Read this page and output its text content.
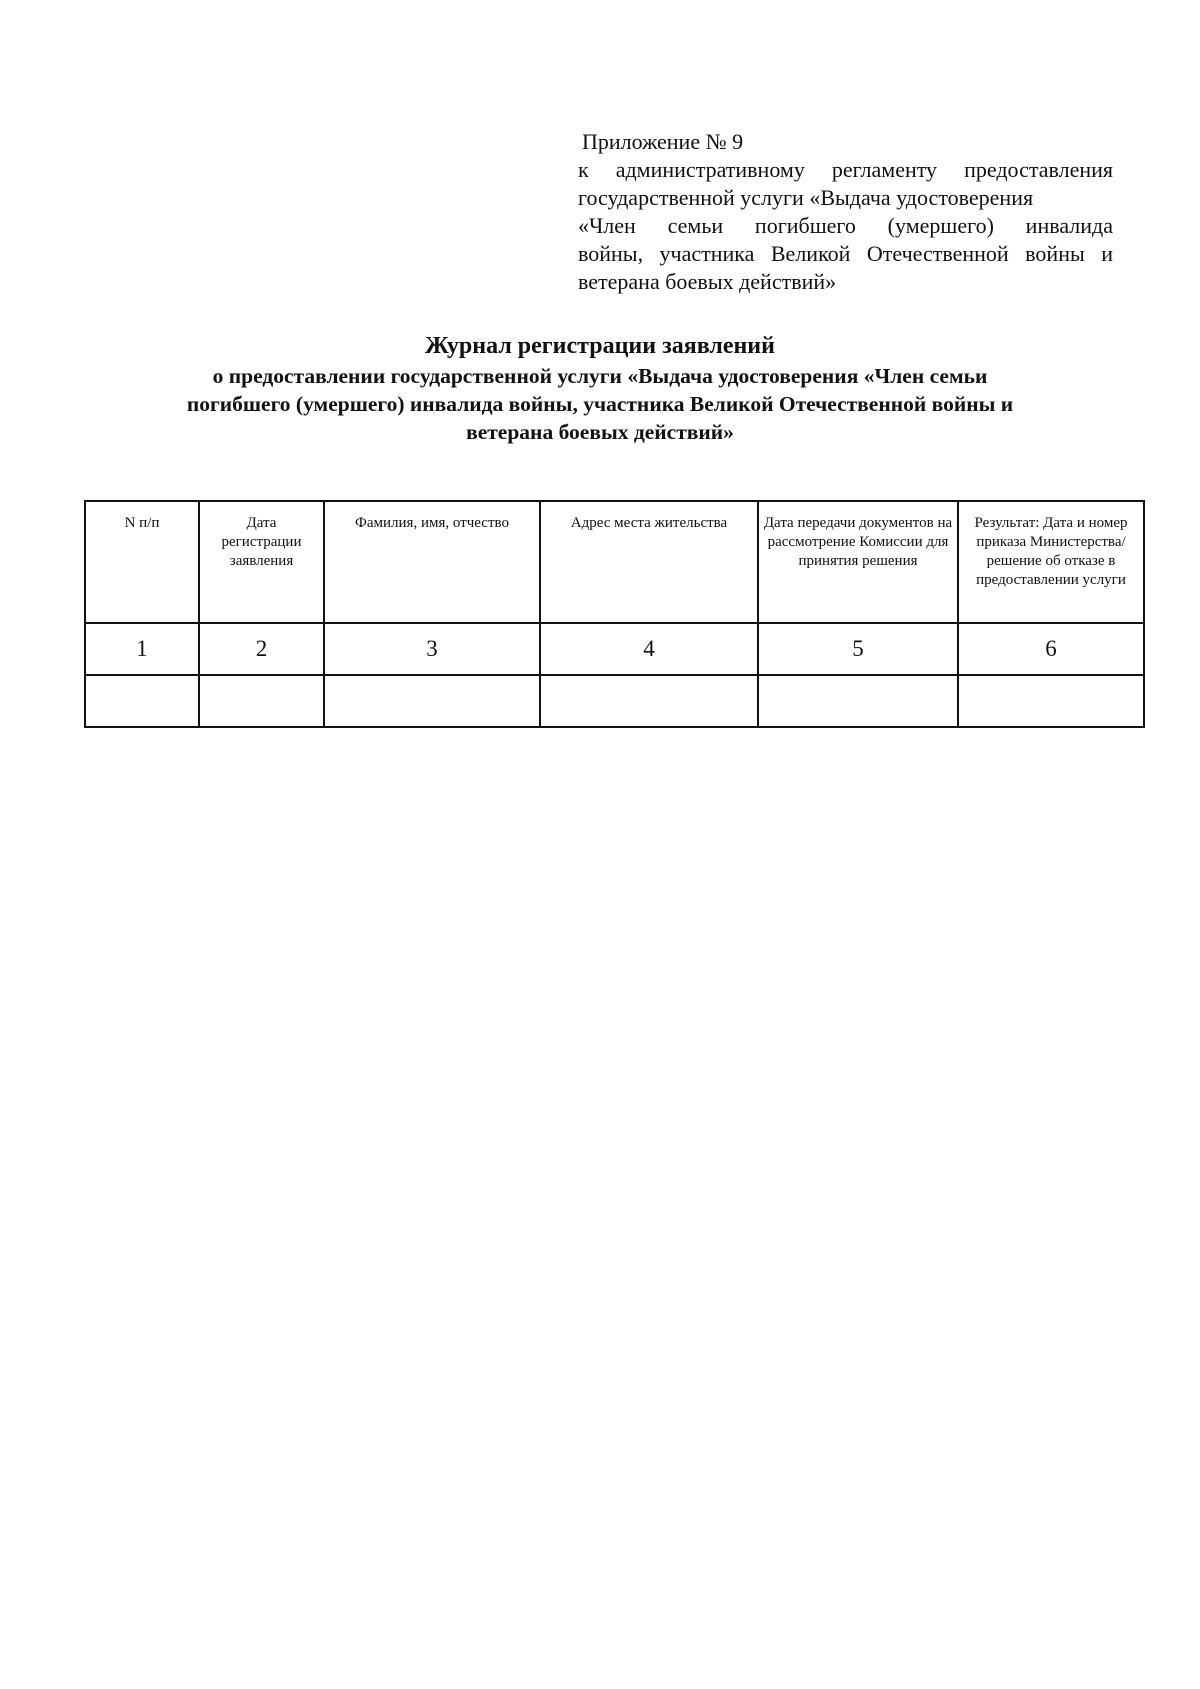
Приложение № 9
к административному регламенту предоставления
государственной услуги «Выдача удостоверения
«Член семьи погибшего (умершего) инвалида
войны, участника Великой Отечественной войны и
ветерана боевых действий»
Журнал регистрации заявлений
о предоставлении государственной услуги «Выдача удостоверения «Член семьи
погибшего (умершего) инвалида войны, участника Великой Отечественной войны и
ветерана боевых действий»
N п/п	Дата регистрации заявления	Фамилия, имя, отчество	Адрес места жительства	Дата передачи документов на рассмотрение Комиссии для принятия решения	Результат: Дата и номер приказа Министерства/ решение об отказе в предоставлении услуги

1	2	3	4	5	6
